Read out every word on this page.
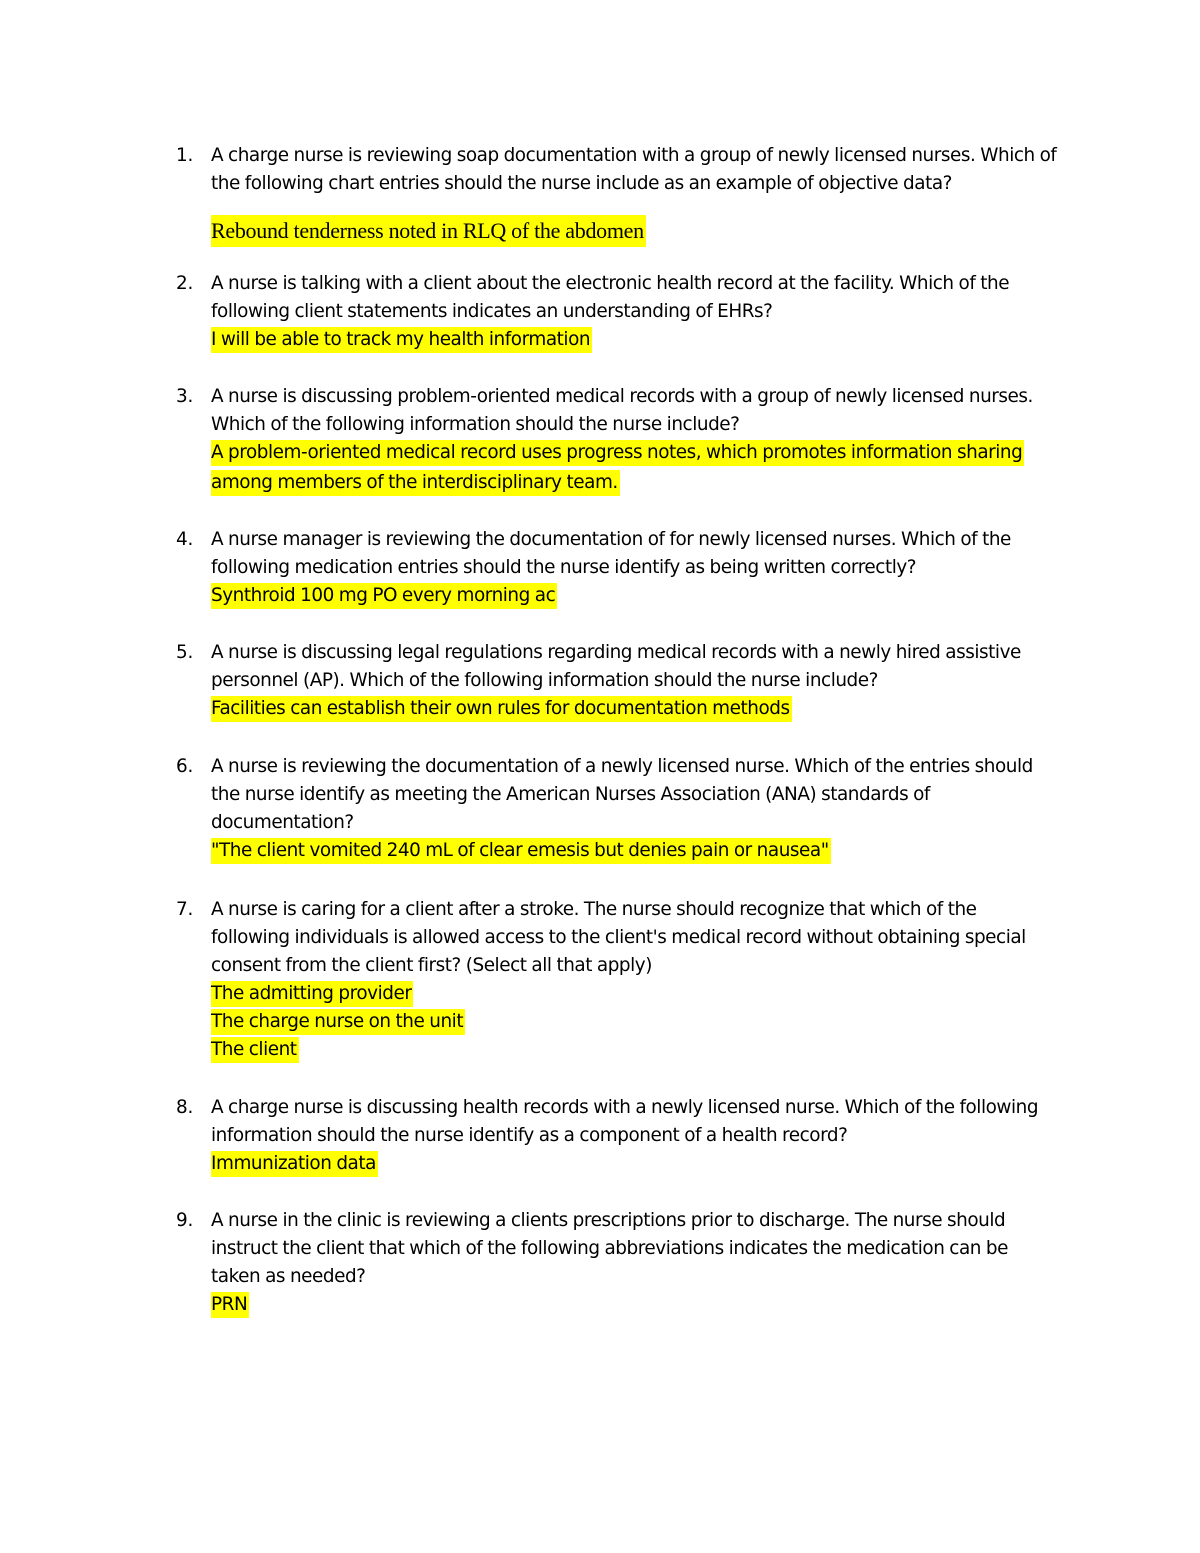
1. A charge nurse is reviewing soap documentation with a group of newly licensed nurses. Which of
the following chart entries should the nurse include as an example of objective data?
Rebound tenderness noted in RLQ of the abdomen
2. A nurse is talking with a client about the electronic health record at the facility. Which of the
following client statements indicates an understanding of EHRs?
I will be able to track my health information
3. A nurse is discussing problem-oriented medical records with a group of newly licensed nurses.
Which of the following information should the nurse include?
A problem-oriented medical record uses progress notes, which promotes information sharing
among members of the interdisciplinary team.
4. A nurse manager is reviewing the documentation of for newly licensed nurses. Which of the
following medication entries should the nurse identify as being written correctly?
Synthroid 100 mg PO every morning ac
5. A nurse is discussing legal regulations regarding medical records with a newly hired assistive
personnel (AP). Which of the following information should the nurse include?
Facilities can establish their own rules for documentation methods
6. A nurse is reviewing the documentation of a newly licensed nurse. Which of the entries should
the nurse identify as meeting the American Nurses Association (ANA) standards of
documentation?
"The client vomited 240 mL of clear emesis but denies pain or nausea"
7. A nurse is caring for a client after a stroke. The nurse should recognize that which of the
following individuals is allowed access to the client's medical record without obtaining special
consent from the client first? (Select all that apply)
The admitting provider
The charge nurse on the unit
The client
8. A charge nurse is discussing health records with a newly licensed nurse. Which of the following
information should the nurse identify as a component of a health record?
Immunization data
9. A nurse in the clinic is reviewing a clients prescriptions prior to discharge. The nurse should
instruct the client that which of the following abbreviations indicates the medication can be
taken as needed?
PRN
